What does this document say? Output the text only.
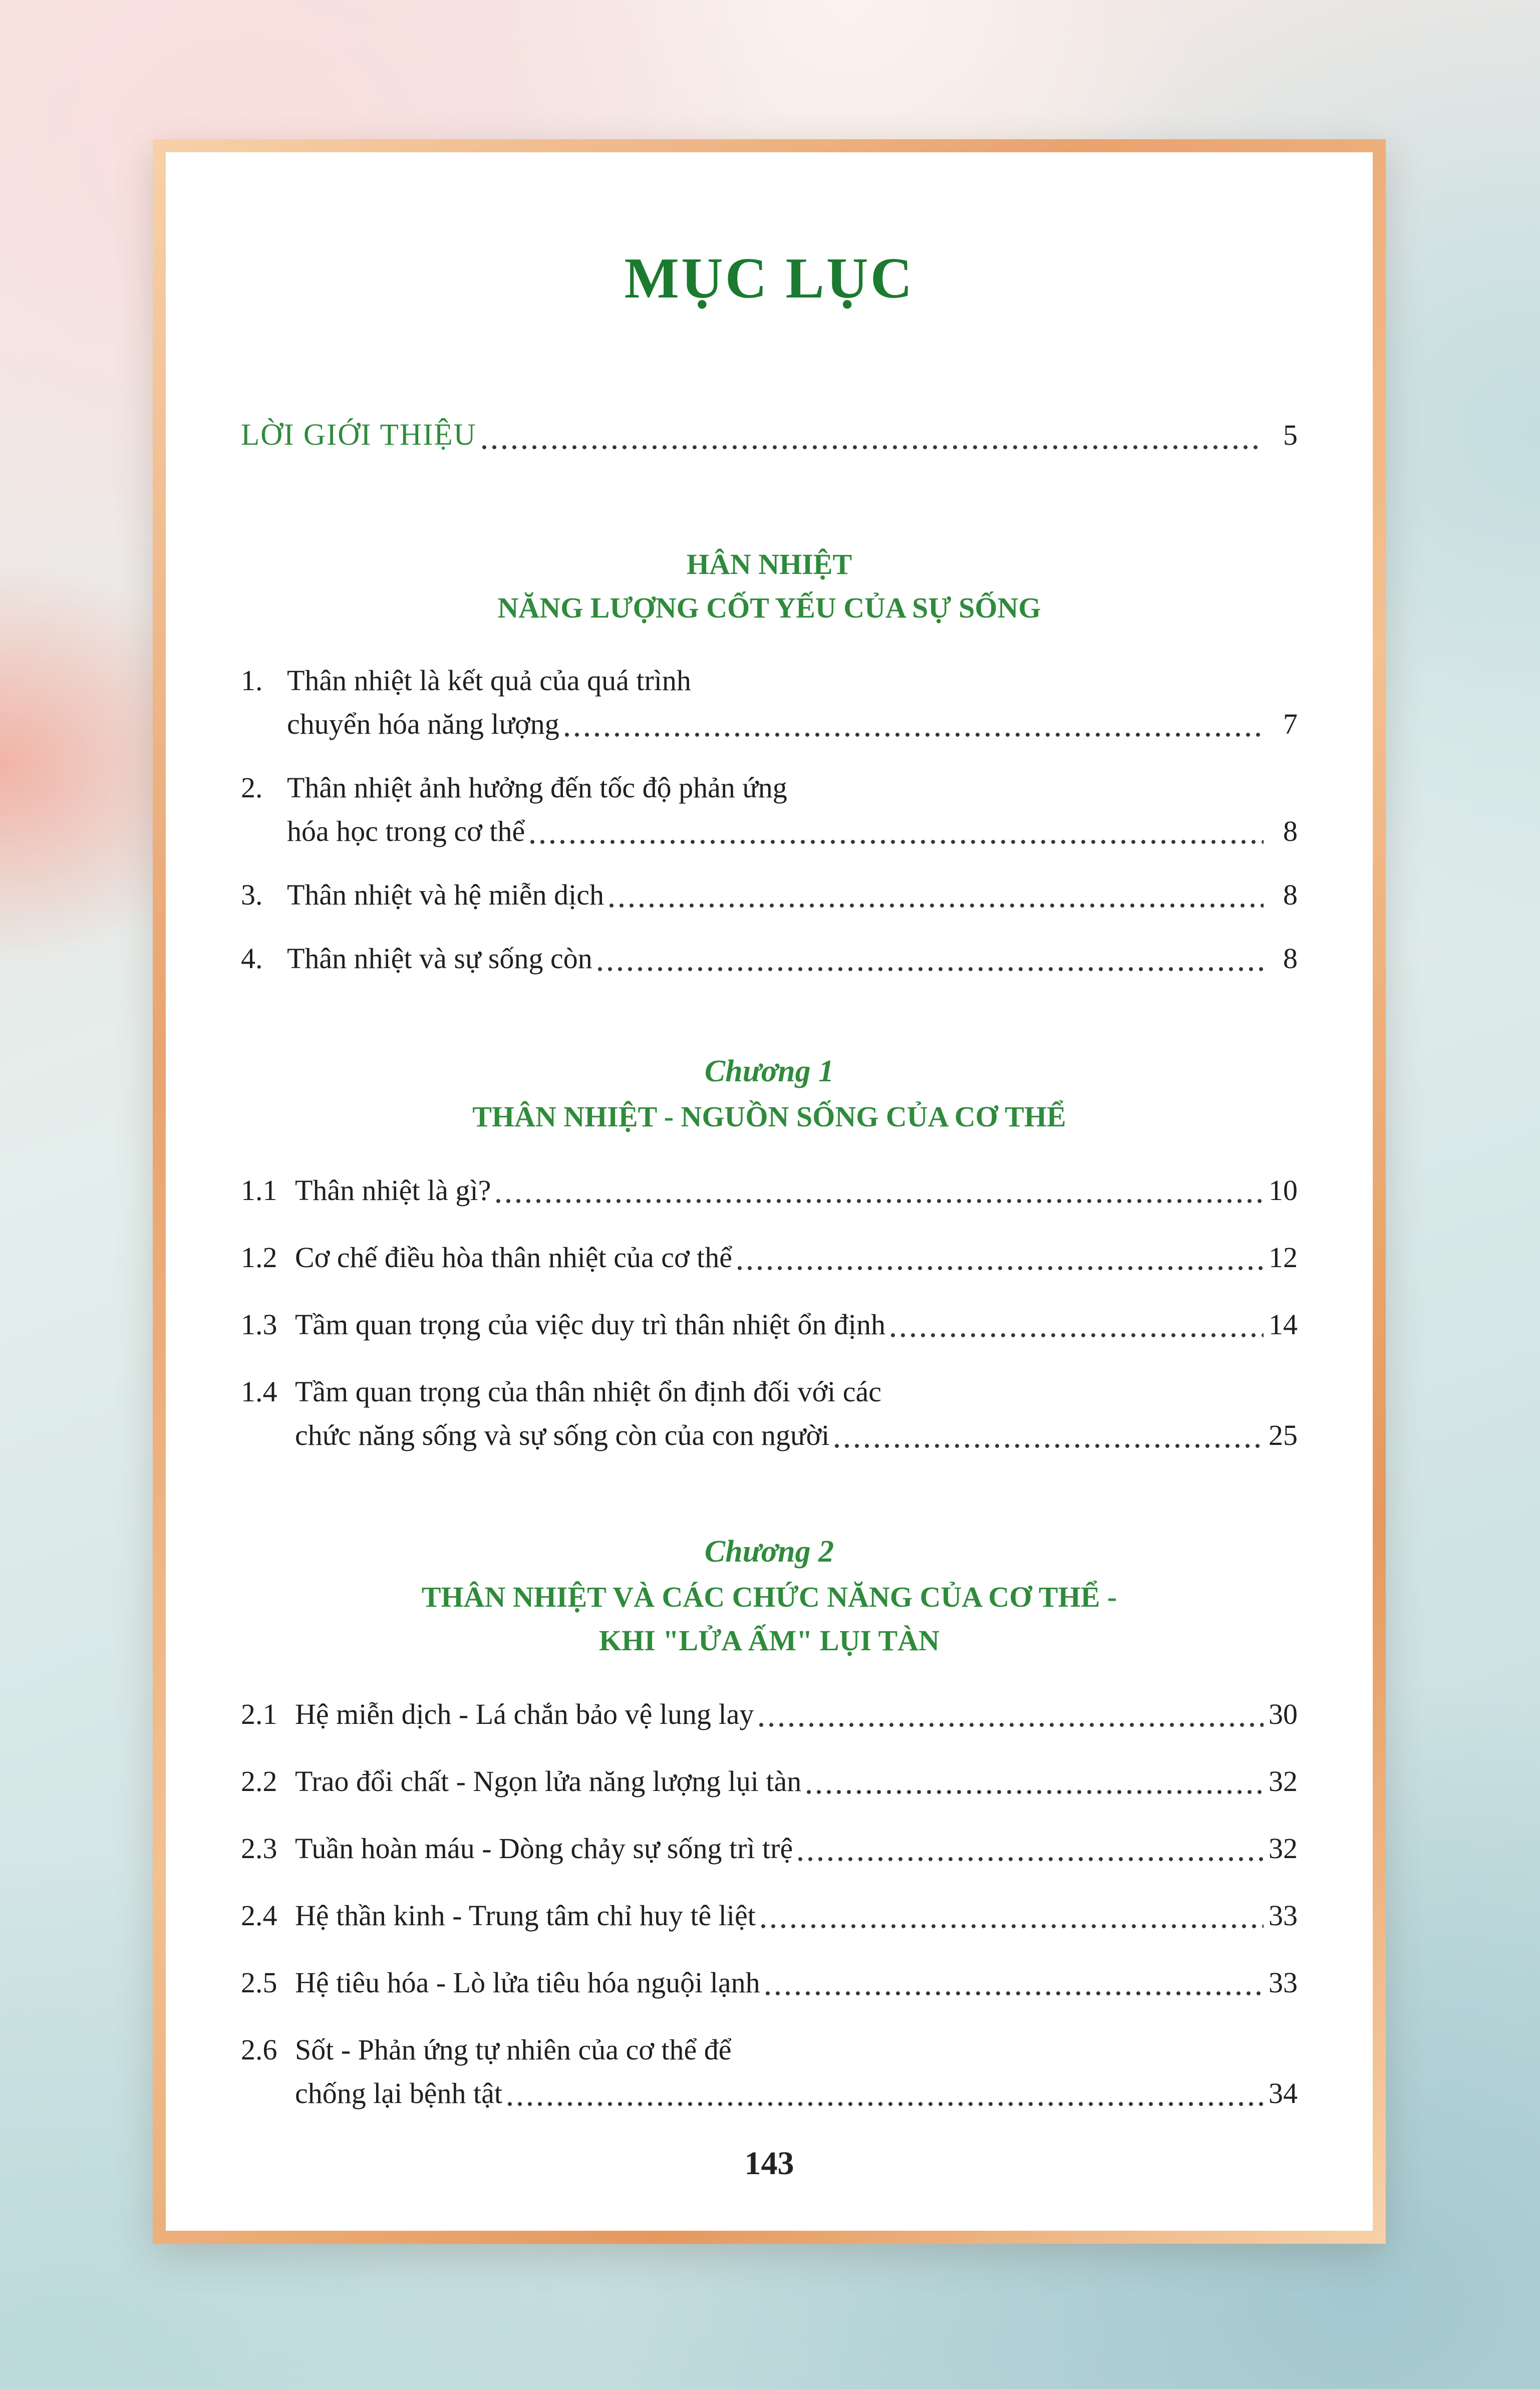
MỤC LỤC
LỜI GIỚI THIỆU	5
HÂN NHIỆT
NĂNG LƯỢNG CỐT YẾU CỦA SỰ SỐNG
1. Thân nhiệt là kết quả của quá trình
chuyển hóa năng lượng	7
2. Thân nhiệt ảnh hưởng đến tốc độ phản ứng
hóa học trong cơ thể	8
3. Thân nhiệt và hệ miễn dịch	8
4. Thân nhiệt và sự sống còn	8
Chương 1
THÂN NHIỆT - NGUỒN SỐNG CỦA CƠ THỂ
1.1 Thân nhiệt là gì?	10
1.2 Cơ chế điều hòa thân nhiệt của cơ thể	12
1.3 Tầm quan trọng của việc duy trì thân nhiệt ổn định	14
1.4 Tầm quan trọng của thân nhiệt ổn định đối với các
chức năng sống và sự sống còn của con người	25
Chương 2
THÂN NHIỆT VÀ CÁC CHỨC NĂNG CỦA CƠ THỂ -
KHI "LỬA ẤM" LỤI TÀN
2.1 Hệ miễn dịch - Lá chắn bảo vệ lung lay	30
2.2 Trao đổi chất - Ngọn lửa năng lượng lụi tàn	32
2.3 Tuần hoàn máu - Dòng chảy sự sống trì trệ	32
2.4 Hệ thần kinh - Trung tâm chỉ huy tê liệt	33
2.5 Hệ tiêu hóa - Lò lửa tiêu hóa nguội lạnh	33
2.6 Sốt - Phản ứng tự nhiên của cơ thể để
chống lại bệnh tật	34
143
